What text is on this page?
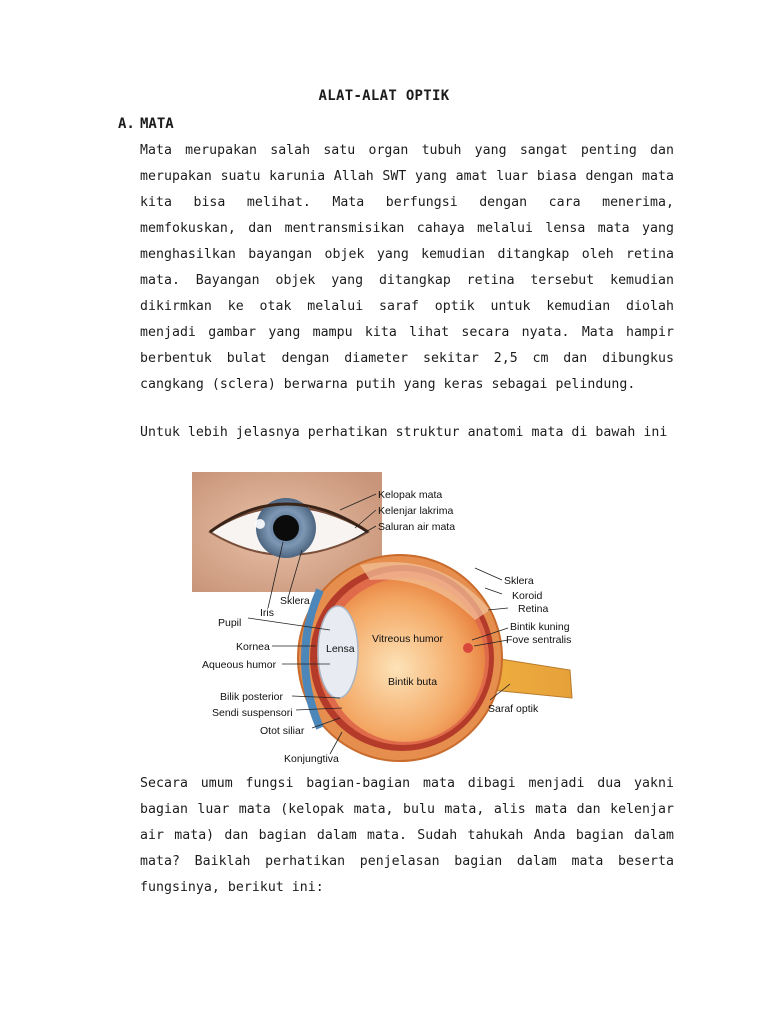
ALAT-ALAT OPTIK
A. MATA

Mata merupakan salah satu organ tubuh yang sangat penting dan merupakan suatu karunia Allah SWT yang amat luar biasa dengan mata kita bisa melihat. Mata berfungsi dengan cara menerima, memfokuskan, dan mentransmisikan cahaya melalui lensa mata yang menghasilkan bayangan objek yang kemudian ditangkap oleh retina mata. Bayangan objek yang ditangkap retina tersebut kemudian dikirmkan ke otak melalui saraf optik untuk kemudian diolah menjadi gambar yang mampu kita lihat secara nyata. Mata hampir berbentuk bulat dengan diameter sekitar 2,5 cm dan dibungkus cangkang (sclera) berwarna putih yang keras sebagai pelindung.

Untuk lebih jelasnya perhatikan struktur anatomi mata di bawah ini

Kelopak mata
Kelenjar lakrima
Saluran air mata
Sklera
Koroid
Retina
Bintik kuning
Fove sentralis
Saraf optik
Iris
Sklera
Pupil
Kornea
Aqueous humor
Bilik posterior
Sendi suspensori
Otot siliar
Konjungtiva
Lensa
Vitreous humor
Bintik buta

Secara umum fungsi bagian-bagian mata dibagi menjadi dua yakni bagian luar mata (kelopak mata, bulu mata, alis mata dan kelenjar air mata) dan bagian dalam mata. Sudah tahukah Anda bagian dalam mata? Baiklah perhatikan penjelasan bagian dalam mata beserta fungsinya, berikut ini:
